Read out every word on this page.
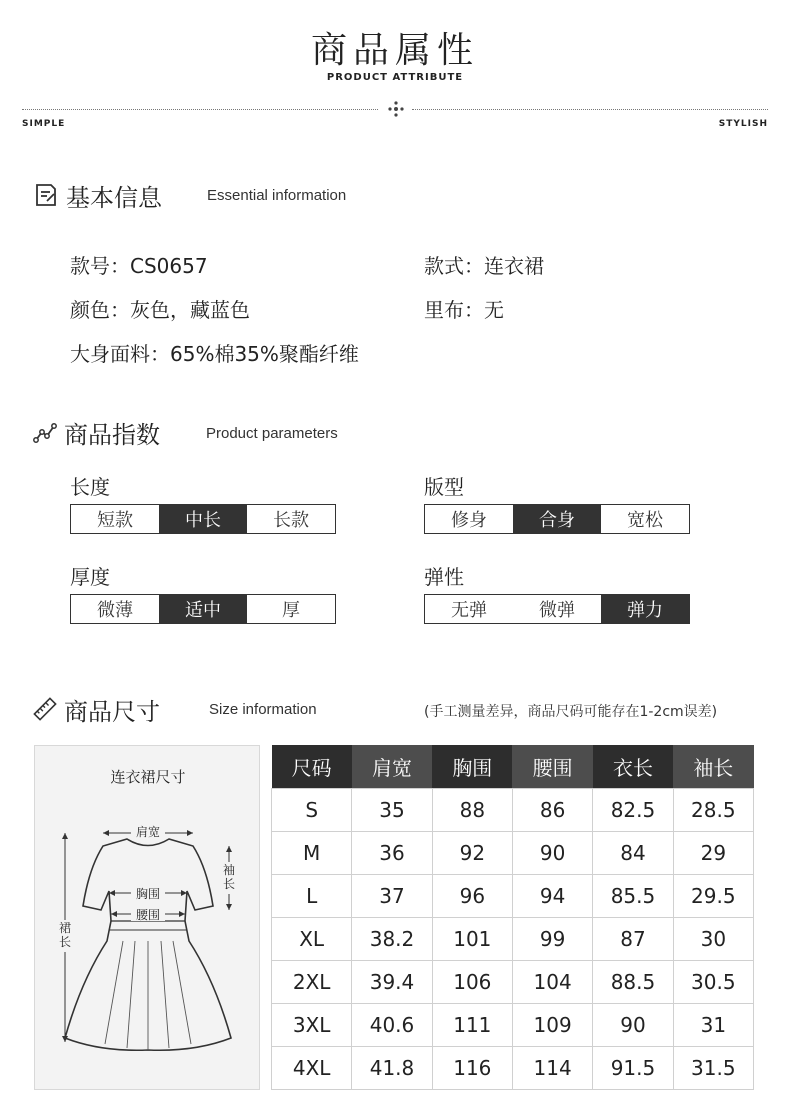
商品属性
PRODUCT ATTRIBUTE
SIMPLE	STYLISH
基本信息	Essential information
款号：CS0657	款式：连衣裙
颜色：灰色，藏蓝色	里布：无
大身面料：65%棉35%聚酯纤维
商品指数	Product parameters
长度
短款	中长	长款
版型
修身	合身	宽松
厚度
微薄	适中	厚
弹性
无弹	微弹	弹力
商品尺寸	Size information	(手工测量差异，商品尺码可能存在1-2cm误差)
连衣裙尺寸
肩宽
胸围
腰围
袖长
裙长
尺码	肩宽	胸围	腰围	衣长	袖长
S	35	88	86	82.5	28.5
M	36	92	90	84	29
L	37	96	94	85.5	29.5
XL	38.2	101	99	87	30
2XL	39.4	106	104	88.5	30.5
3XL	40.6	111	109	90	31
4XL	41.8	116	114	91.5	31.5
